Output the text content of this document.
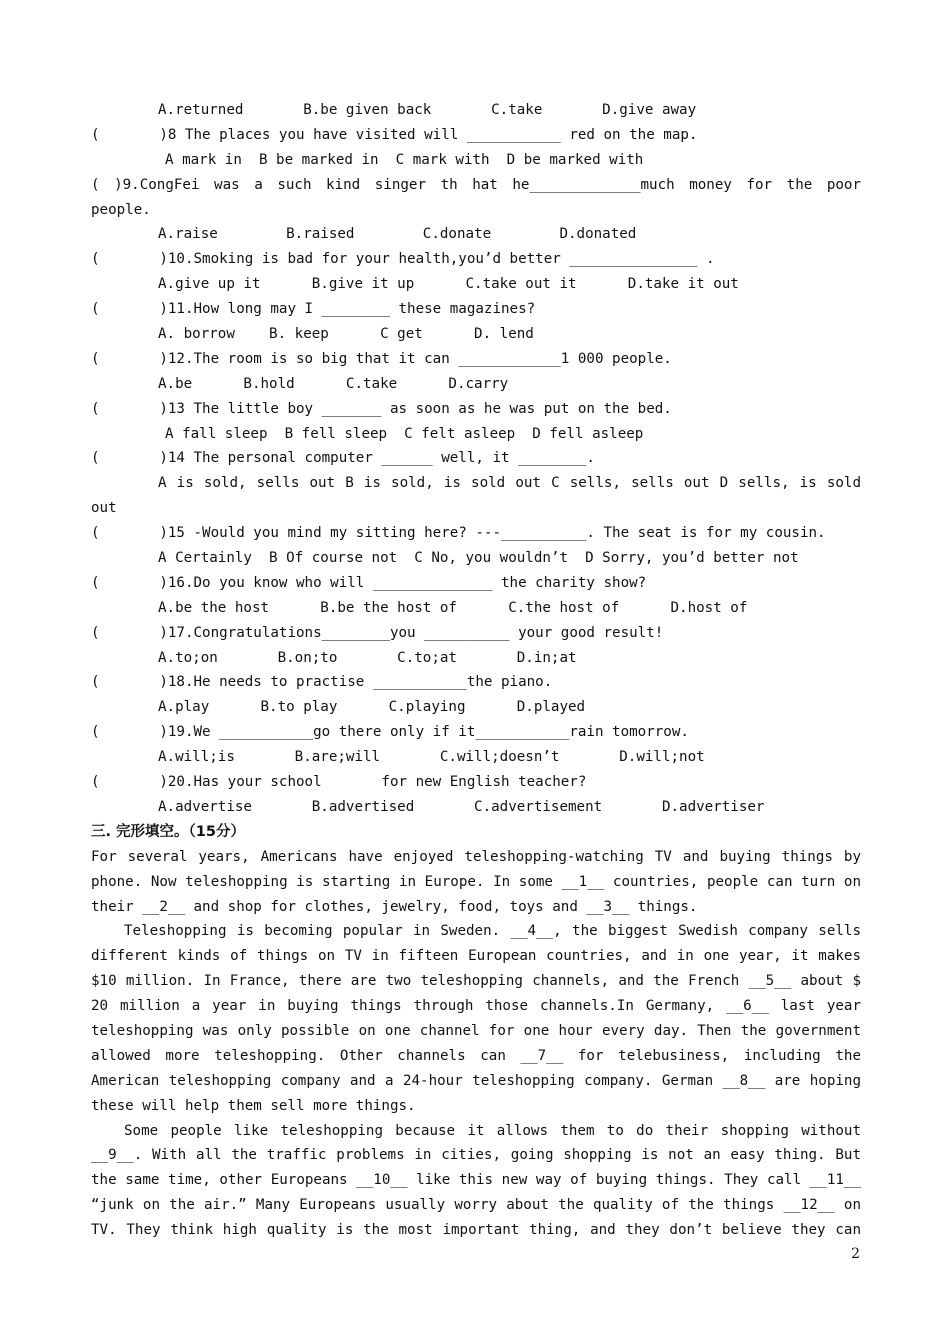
A.returned       B.be given back       C.take       D.give away
(       )8 The places you have visited will ___________ red on the map.
A mark in  B be marked in  C mark with  D be marked with
( )9.CongFei was a such kind singer th hat he_____________much money for the poor
people.
A.raise        B.raised        C.donate        D.donated
(       )10.Smoking is bad for your health,you’d better _______________ .
A.give up it      B.give it up      C.take out it      D.take it out
(       )11.How long may I ________ these magazines?
A. borrow    B. keep      C get      D. lend
(       )12.The room is so big that it can ____________1 000 people.
A.be      B.hold      C.take      D.carry
(       )13 The little boy _______ as soon as he was put on the bed.
A fall sleep  B fell sleep  C felt asleep  D fell asleep
(       )14 The personal computer ______ well, it ________.
A is sold, sells out B is sold, is sold out C sells, sells out D sells, is sold
out
(       )15 -Would you mind my sitting here? ---__________. The seat is for my cousin.
A Certainly  B Of course not  C No, you wouldn’t  D Sorry, you’d better not
(       )16.Do you know who will ______________ the charity show?
A.be the host      B.be the host of      C.the host of      D.host of
(       )17.Congratulations________you __________ your good result!
A.to;on       B.on;to       C.to;at       D.in;at
(       )18.He needs to practise ___________the piano.
A.play      B.to play      C.playing      D.played
(       )19.We ___________go there only if it___________rain tomorrow.
A.will;is       B.are;will       C.will;doesn’t       D.will;not
(       )20.Has your school       for new English teacher?
A.advertise       B.advertised       C.advertisement       D.advertiser
三. 完形填空。（15分）
For several years, Americans have enjoyed teleshopping-watching TV and buying things by
phone. Now teleshopping is starting in Europe. In some __1__ countries, people can turn on
their __2__ and shop for clothes, jewelry, food, toys and __3__ things.
Teleshopping is becoming popular in Sweden. __4__, the biggest Swedish company sells
different kinds of things on TV in fifteen European countries, and in one year, it makes
$10 million. In France, there are two teleshopping channels, and the French __5__ about $
20 million a year in buying things through those channels.In Germany, __6__ last year
teleshopping was only possible on one channel for one hour every day. Then the government
allowed more teleshopping. Other channels can __7__ for telebusiness, including the
American teleshopping company and a 24-hour teleshopping company. German __8__ are hoping
these will help them sell more things.
Some people like teleshopping because it allows them to do their shopping without
__9__. With all the traffic problems in cities, going shopping is not an easy thing. But
the same time, other Europeans __10__ like this new way of buying things. They call __11__
“junk on the air.” Many Europeans usually worry about the quality of the things __12__ on
TV. They think high quality is the most important thing, and they don’t believe they can
2
